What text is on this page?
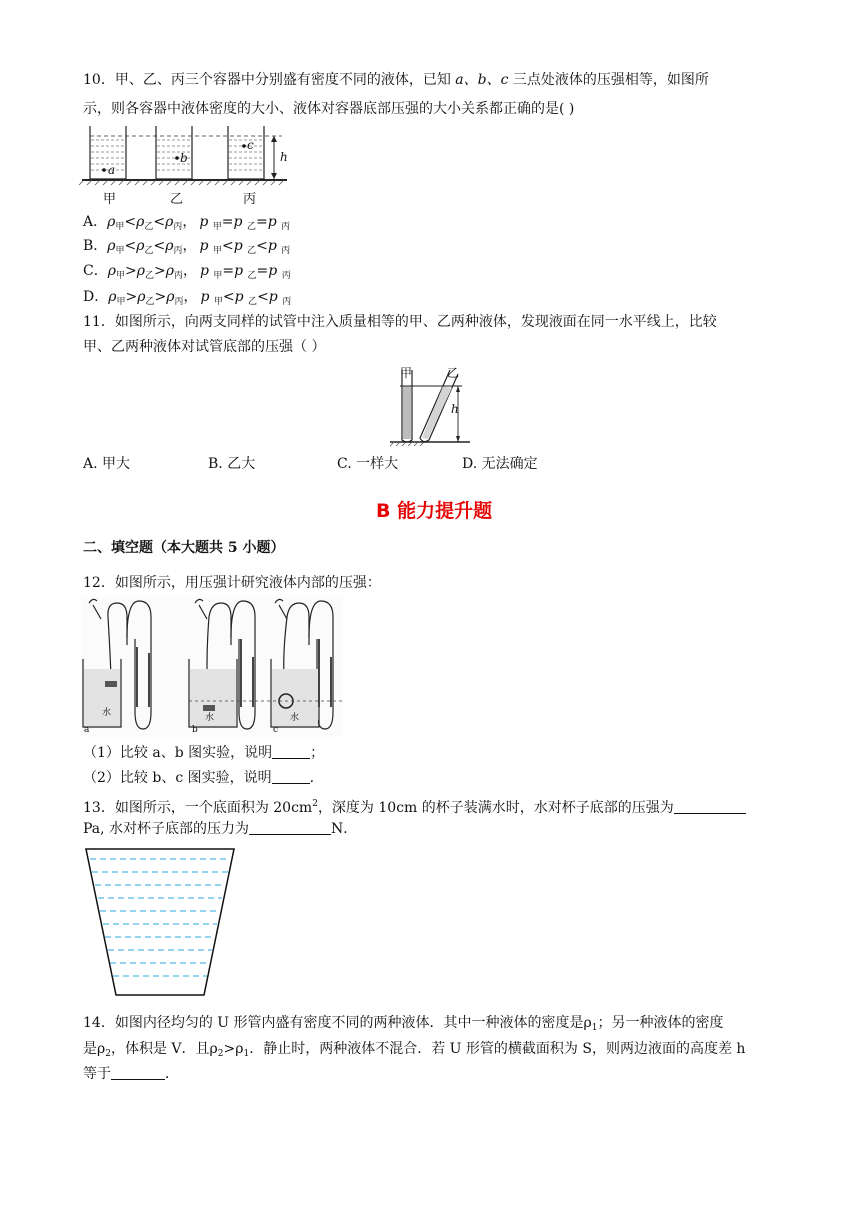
10．甲、乙、丙三个容器中分别盛有密度不同的液体，已知 a、b、c 三点处液体的压强相等，如图所
示，则各容器中液体密度的大小、液体对容器底部压强的大小关系都正确的是( )
a
b
c
h
甲	乙	丙
A．$\rho_甲<\rho_乙<\rho_丙$， p $_甲$=p $_乙$=p $_丙$
B．$\rho_甲<\rho_乙<\rho_丙$， p $_甲$<p $_乙$<p $_丙$
C．$\rho_甲>\rho_乙>\rho_丙$， p $_甲$=p $_乙$=p $_丙$
D．$\rho_甲>\rho_乙>\rho_丙$， p $_甲$<p $_乙$<p $_丙$
11．如图所示，向两支同样的试管中注入质量相等的甲、乙两种液体，发现液面在同一水平线上，比较
甲、乙两种液体对试管底部的压强（ ）
甲	乙
h
A. 甲大	B. 乙大	C. 一样大	D. 无法确定
B 能力提升题
二、填空题（本大题共 5 小题）
12．如图所示，用压强计研究液体内部的压强：
a	b	c
水	水	水
（1）比较 a、b 图实验，说明	；
（2）比较 b、c 图实验，说明	.
13．如图所示，一个底面积为 $20cm^2$，深度为 10cm 的杯子装满水时，水对杯子底部的压强为
Pa, 水对杯子底部的压力为	N．
14．如图内径均匀的 U 形管内盛有密度不同的两种液体．其中一种液体的密度是$\rho_1$；另一种液体的密度
是$\rho_2$，体积是 V．且$\rho_2>\rho_1$．静止时，两种液体不混合．若 U 形管的横截面积为 S，则两边液面的高度差 h
等于	．
